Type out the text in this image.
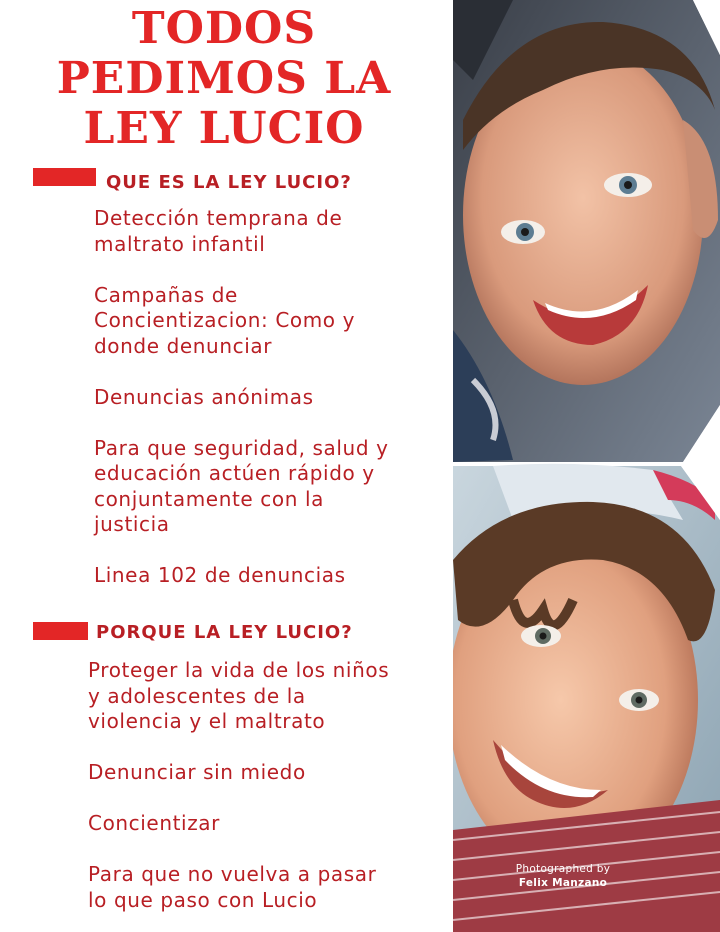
TODOS
PEDIMOS LA
LEY LUCIO
QUE ES LA LEY LUCIO?
Detección temprana de
maltrato infantil
Campañas de
Concientizacion: Como y
donde denunciar
Denuncias anónimas
Para que seguridad, salud y
educación actúen rápido y
conjuntamente con la
justicia
Linea 102 de denuncias
PORQUE LA LEY LUCIO?
Proteger la vida de los niños
y adolescentes de la
violencia y el maltrato
Denunciar sin miedo
Concientizar
Para que no vuelva a pasar
lo que paso con Lucio
Photographed by
Felix Manzano
